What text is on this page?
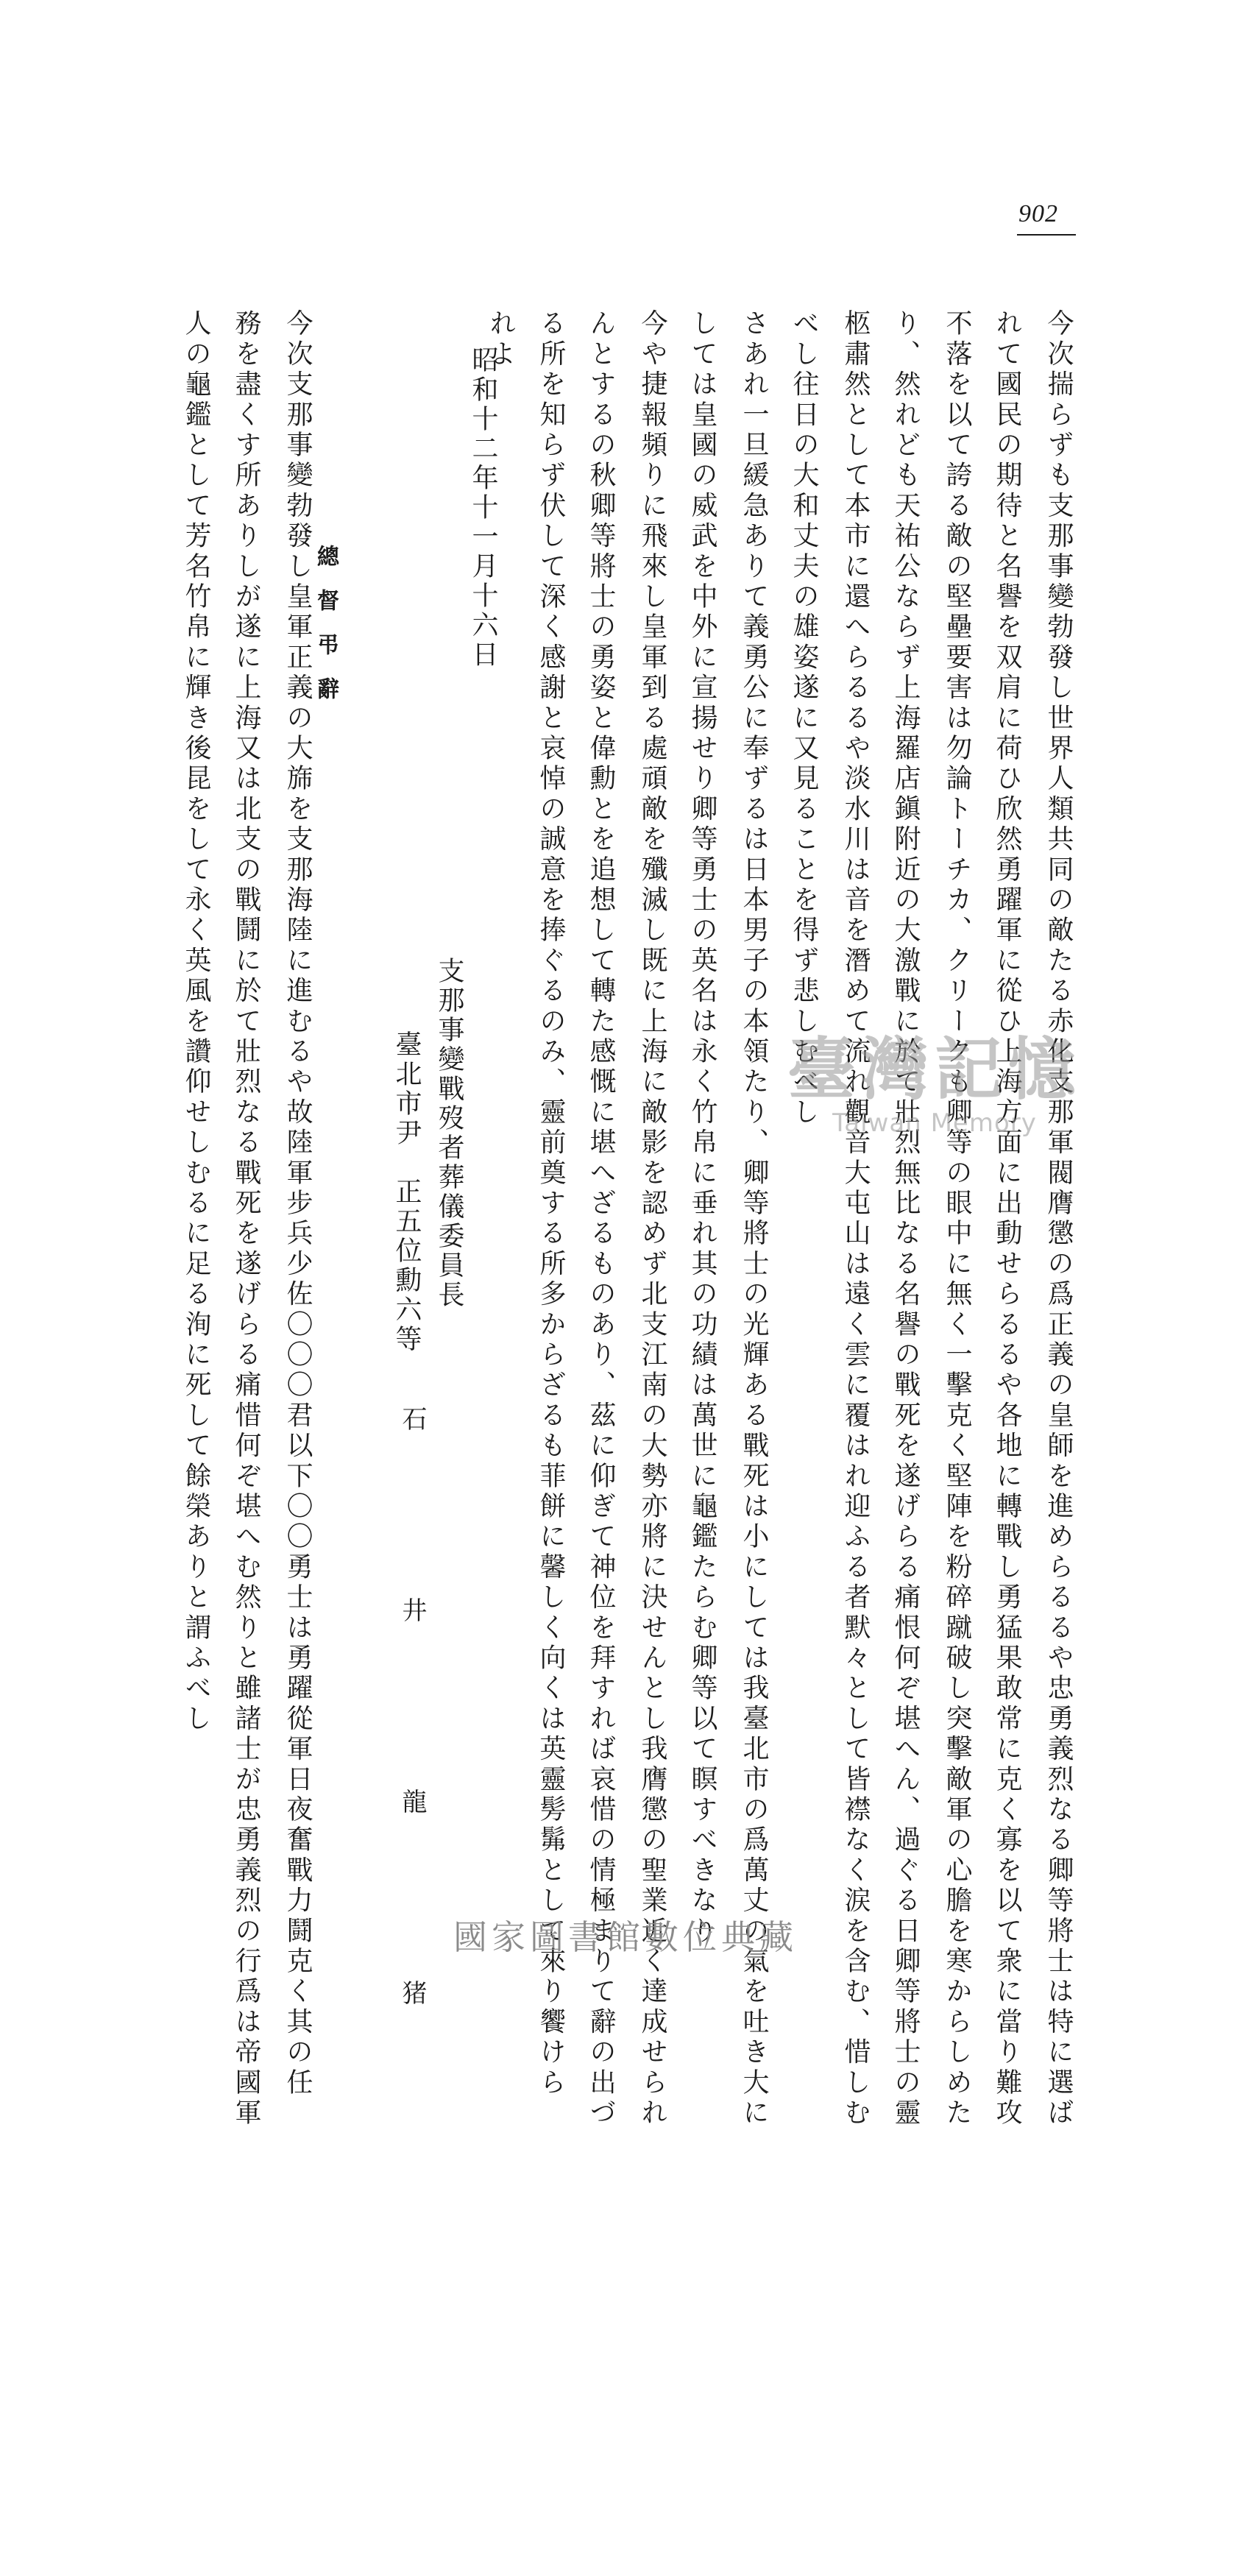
902
今次揣らずも支那事變勃發し世界人類共同の敵たる赤化支那軍閥膺懲の爲正義の皇師を進めらるるや忠勇義烈なる卿等將士は特に選ば
れて國民の期待と名譽を双肩に荷ひ欣然勇躍軍に從ひ上海方面に出動せらるるや各地に轉戰し勇猛果敢常に克く寡を以て衆に當り難攻
不落を以て誇る敵の堅壘要害は勿論トーチカ、クリークも卿等の眼中に無く一擊克く堅陣を粉碎蹴破し突擊敵軍の心膽を寒からしめた
り、然れども天祐公ならず上海羅店鎭附近の大激戰に於て壯烈無比なる名譽の戰死を遂げらる痛恨何ぞ堪へん、過ぐる日卿等將士の靈
柩肅然として本市に還へらるるや淡水川は音を潛めて流れ觀音大屯山は遠く雲に覆はれ迎ふる者默々として皆襟なく涙を含む、惜しむ
べし往日の大和丈夫の雄姿遂に又見ることを得ず悲しむべし
さあれ一旦緩急ありて義勇公に奉ずるは日本男子の本領たり、卿等將士の光輝ある戰死は小にしては我臺北市の爲萬丈の氣を吐き大に
しては皇國の威武を中外に宣揚せり卿等勇士の英名は永く竹帛に垂れ其の功績は萬世に龜鑑たらむ卿等以て瞑すべきなり
今や捷報頻りに飛來し皇軍到る處頑敵を殲滅し既に上海に敵影を認めず北支江南の大勢亦將に決せんとし我膺懲の聖業近く達成せられ
んとするの秋卿等將士の勇姿と偉勳とを追想して轉た感慨に堪へざるものあり、茲に仰ぎて神位を拜すれば哀惜の情極まりて辭の出づ
る所を知らず伏して深く感謝と哀悼の誠意を捧ぐるのみ、靈前奠する所多からざるも菲餅に馨しく向くは英靈髣髴として來り饗けら
れよ
昭和十二年十一月十六日
支那事變戰歿者葬儀委員長
臺北市尹　正五位勳六等
石　井　龍　猪
總督弔辭
今次支那事變勃發し皇軍正義の大旆を支那海陸に進むるや故陸軍步兵少佐〇〇〇君以下〇〇勇士は勇躍從軍日夜奮戰力鬪克く其の任
務を盡くす所ありしが遂に上海又は北支の戰鬪に於て壯烈なる戰死を遂げらる痛惜何ぞ堪へむ然りと雖諸士が忠勇義烈の行爲は帝國軍
人の龜鑑として芳名竹帛に輝き後昆をして永く英風を讚仰せしむるに足る洵に死して餘榮ありと謂ふべし	臺灣記憶
Taiwan Memory
國家圖書館數位典藏
